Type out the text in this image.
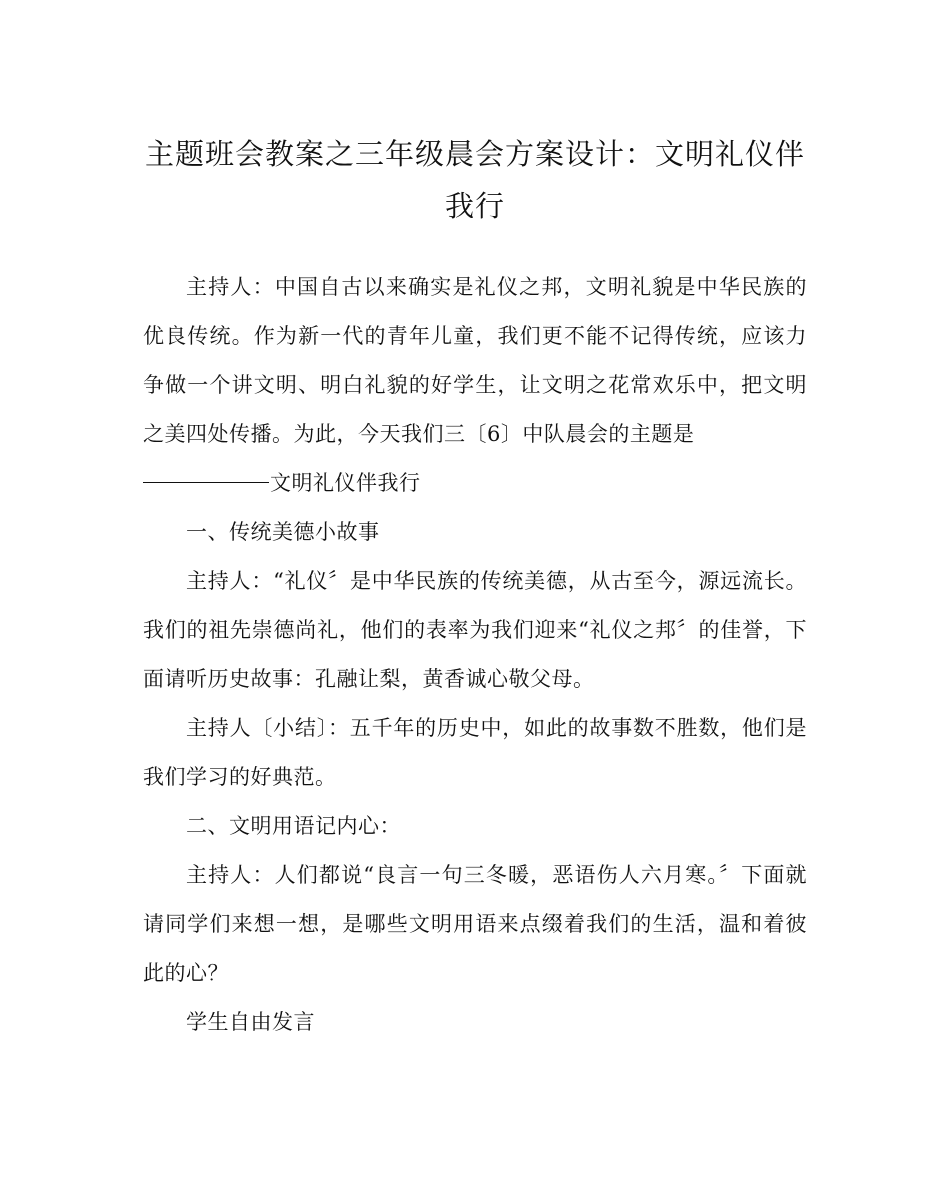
主题班会教案之三年级晨会方案设计：文明礼仪伴我行

主持人：中国自古以来确实是礼仪之邦，文明礼貌是中华民族的优良传统。作为新一代的青年儿童，我们更不能不记得传统，应该力争做一个讲文明、明白礼貌的好学生，让文明之花常欢乐中，把文明之美四处传播。为此，今天我们三〔6〕中队晨会的主题是

文明礼仪伴我行

一、传统美德小故事

主持人：“礼仪〞是中华民族的传统美德，从古至今，源远流长。我们的祖先崇德尚礼，他们的表率为我们迎来“礼仪之邦〞的佳誉，下面请听历史故事：孔融让梨，黄香诚心敬父母。

主持人〔小结〕：五千年的历史中，如此的故事数不胜数，他们是我们学习的好典范。

二、文明用语记内心：

主持人：人们都说“良言一句三冬暖，恶语伤人六月寒。〞下面就请同学们来想一想，是哪些文明用语来点缀着我们的生活，温和着彼此的心？

学生自由发言
